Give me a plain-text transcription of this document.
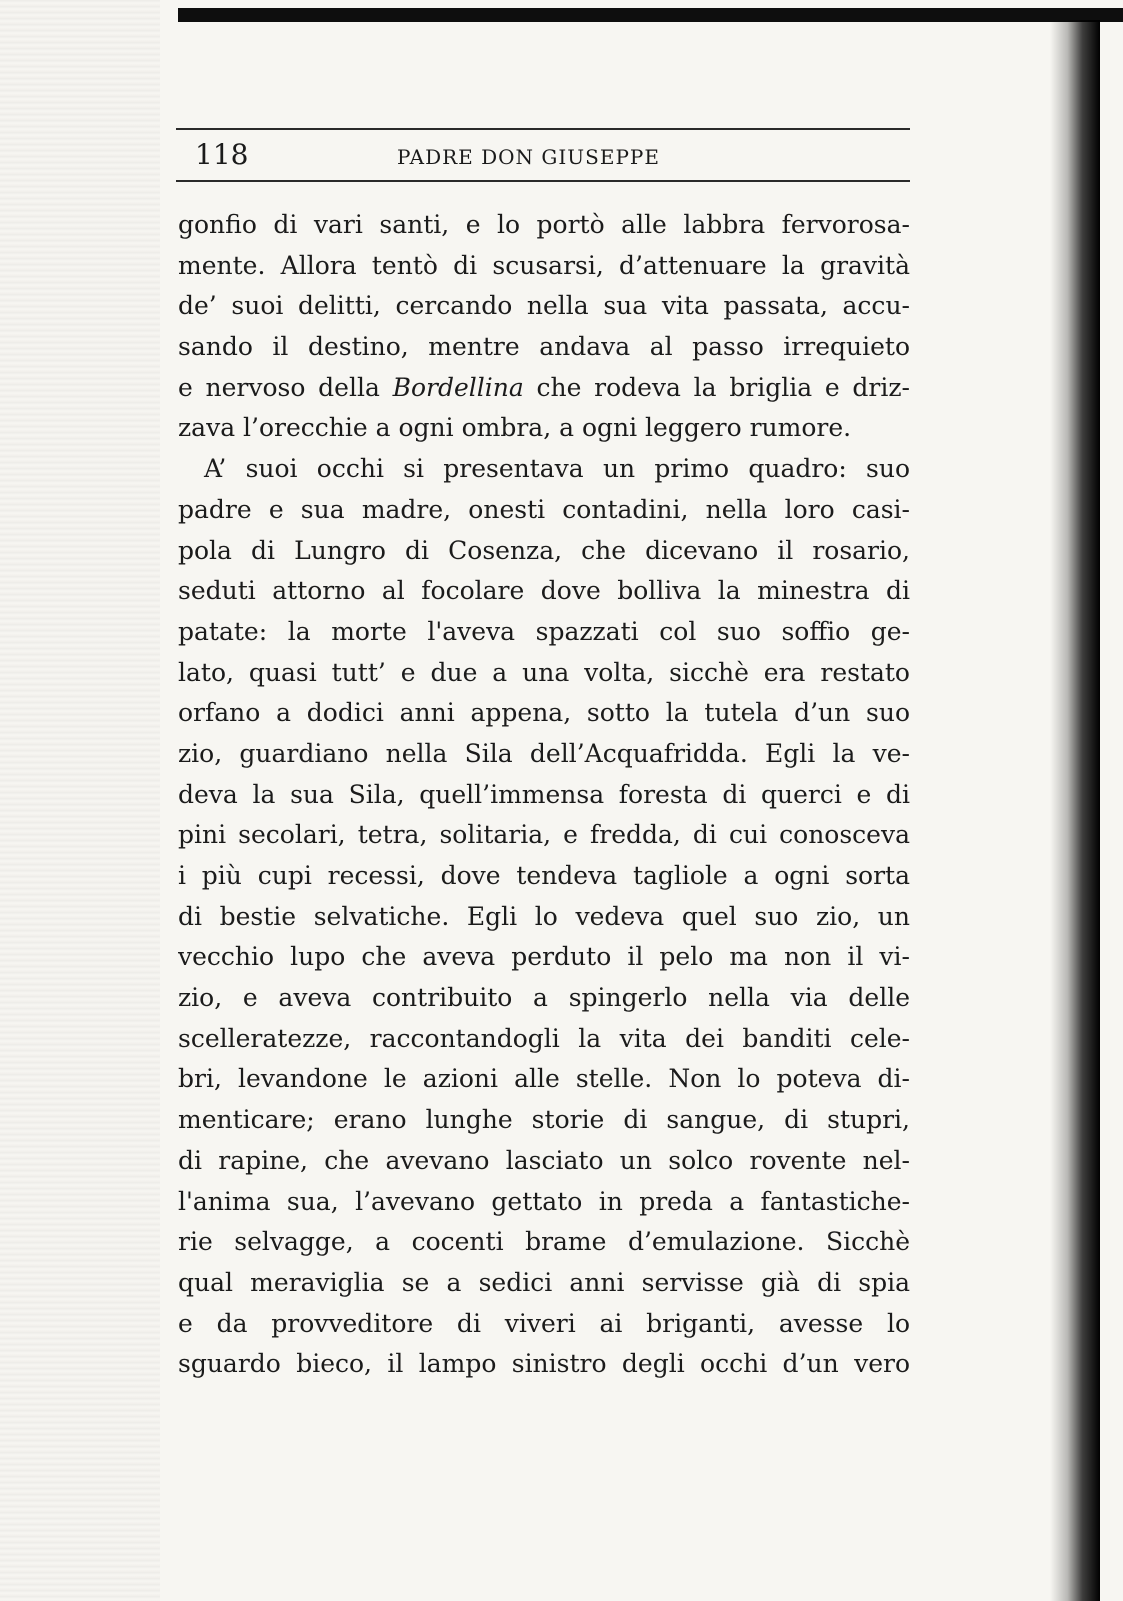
118	PADRE DON GIUSEPPE
gonfio di vari santi, e lo portò alle labbra fervorosa-
mente. Allora tentò di scusarsi, d’attenuare la gravità
de’ suoi delitti, cercando nella sua vita passata, accu-
sando il destino, mentre andava al passo irrequieto
e nervoso della Bordellina che rodeva la briglia e driz-
zava l’orecchie a ogni ombra, a ogni leggero rumore.
A’ suoi occhi si presentava un primo quadro: suo
padre e sua madre, onesti contadini, nella loro casi-
pola di Lungro di Cosenza, che dicevano il rosario,
seduti attorno al focolare dove bolliva la minestra di
patate: la morte l'aveva spazzati col suo soffio ge-
lato, quasi tutt’ e due a una volta, sicchè era restato
orfano a dodici anni appena, sotto la tutela d’un suo
zio, guardiano nella Sila dell’Acquafridda. Egli la ve-
deva la sua Sila, quell’immensa foresta di querci e di
pini secolari, tetra, solitaria, e fredda, di cui conosceva
i più cupi recessi, dove tendeva tagliole a ogni sorta
di bestie selvatiche. Egli lo vedeva quel suo zio, un
vecchio lupo che aveva perduto il pelo ma non il vi-
zio, e aveva contribuito a spingerlo nella via delle
scelleratezze, raccontandogli la vita dei banditi cele-
bri, levandone le azioni alle stelle. Non lo poteva di-
menticare; erano lunghe storie di sangue, di stupri,
di rapine, che avevano lasciato un solco rovente nel-
l'anima sua, l’avevano gettato in preda a fantastiche-
rie selvagge, a cocenti brame d’emulazione. Sicchè
qual meraviglia se a sedici anni servisse già di spia
e da provveditore di viveri ai briganti, avesse lo
sguardo bieco, il lampo sinistro degli occhi d’un vero
